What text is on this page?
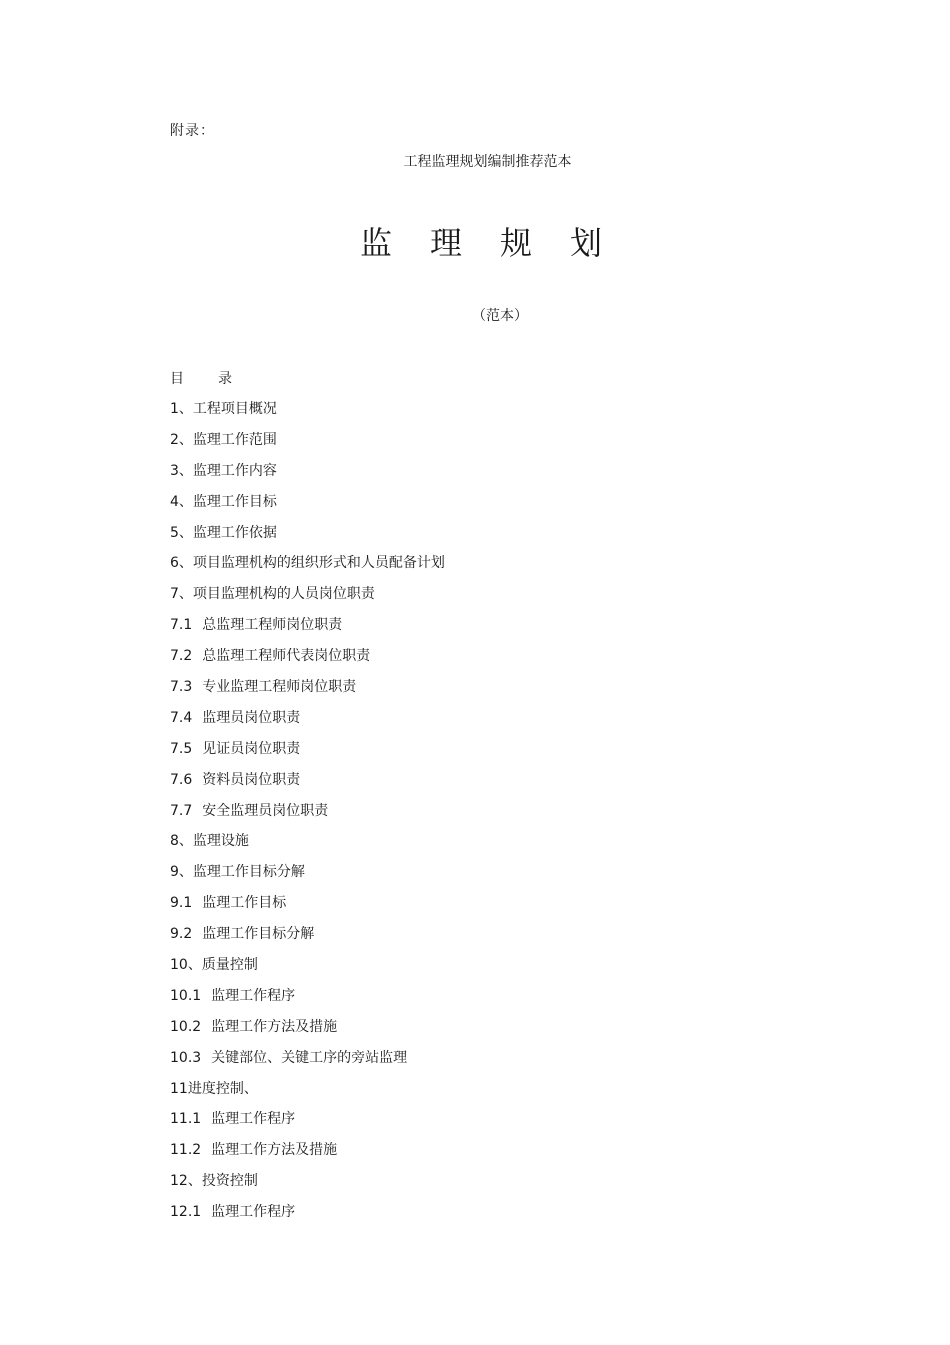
附录：
工程监理规划编制推荐范本
监理规划
（范本）
目录
1、工程项目概况
2、监理工作范围
3、监理工作内容
4、监理工作目标
5、监理工作依据
6、项目监理机构的组织形式和人员配备计划
7、项目监理机构的人员岗位职责
7.1 总监理工程师岗位职责
7.2 总监理工程师代表岗位职责
7.3 专业监理工程师岗位职责
7.4 监理员岗位职责
7.5 见证员岗位职责
7.6 资料员岗位职责
7.7 安全监理员岗位职责
8、监理设施
9、监理工作目标分解
9.1 监理工作目标
9.2 监理工作目标分解
10、质量控制
10.1 监理工作程序
10.2 监理工作方法及措施
10.3 关键部位、关键工序的旁站监理
11进度控制、
11.1 监理工作程序
11.2 监理工作方法及措施
12、投资控制
12.1 监理工作程序
